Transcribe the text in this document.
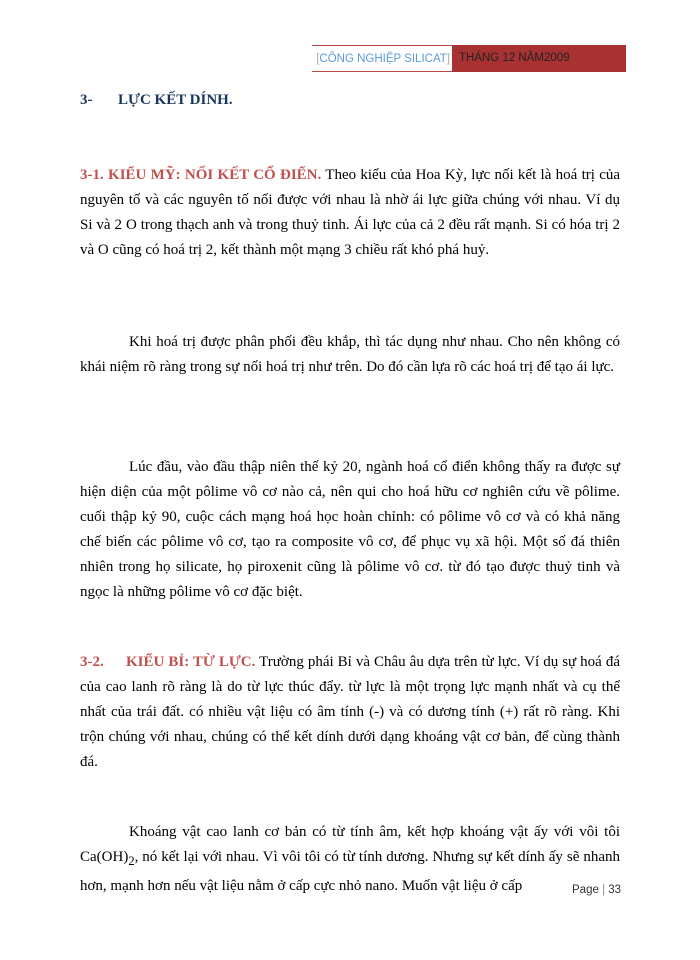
[CÔNG NGHIỆP SILICAT] THÁNG 12 NĂM2009
3- LỰC KẾT DÍNH.

3-1. KIỂU MỸ: NỐI KẾT CỔ ĐIỂN. Theo kiểu của Hoa Kỳ, lực nối kết là hoá trị của nguyên tố và các nguyên tố nối được với nhau là nhờ ái lực giữa chúng với nhau. Ví dụ Si và 2 O trong thạch anh và trong thuỷ tinh. Ái lực của cả 2 đều rất mạnh. Si có hóa trị 2 và O cũng có hoá trị 2, kết thành một mạng 3 chiều rất khó phá huỷ.

Khi hoá trị được phân phối đều khắp, thì tác dụng như nhau. Cho nên không có khái niệm rõ ràng trong sự nối hoá trị như trên. Do đó cần lựa rõ các hoá trị để tạo ái lực.

Lúc đầu, vào đầu thập niên thế kỷ 20, ngành hoá cổ điển không thấy ra được sự hiện diện của một pôlime vô cơ nào cả, nên qui cho hoá hữu cơ nghiên cứu về pôlime. cuối thập kỷ 90, cuộc cách mạng hoá học hoàn chỉnh: có pôlime vô cơ và có khả năng chế biến các pôlime vô cơ, tạo ra composite vô cơ, để phục vụ xã hội. Một số đá thiên nhiên trong họ silicate, họ piroxenit cũng là pôlime vô cơ. từ đó tạo được thuỷ tinh và ngọc là những pôlime vô cơ đặc biệt.

3-2. KIỂU BỈ: TỪ LỰC. Trường phái Bỉ và Châu âu dựa trên từ lực. Ví dụ sự hoá đá của cao lanh rõ ràng là do từ lực thúc đẩy. từ lực là một trọng lực mạnh nhất và cụ thể nhất của trái đất. có nhiều vật liệu có âm tính (-) và có dương tính (+) rất rõ ràng. Khi trộn chúng với nhau, chúng có thể kết dính dưới dạng khoáng vật cơ bản, để cùng thành đá.

Khoáng vật cao lanh cơ bản có từ tính âm, kết hợp khoáng vật ấy với vôi tôi $Ca(OH)_2$, nó kết lại với nhau. Vì vôi tôi có từ tính dương. Nhưng sự kết dính ấy sẽ nhanh hơn, mạnh hơn nếu vật liệu nằm ở cấp cực nhỏ nano. Muốn vật liệu ở cấp	Page | 33
